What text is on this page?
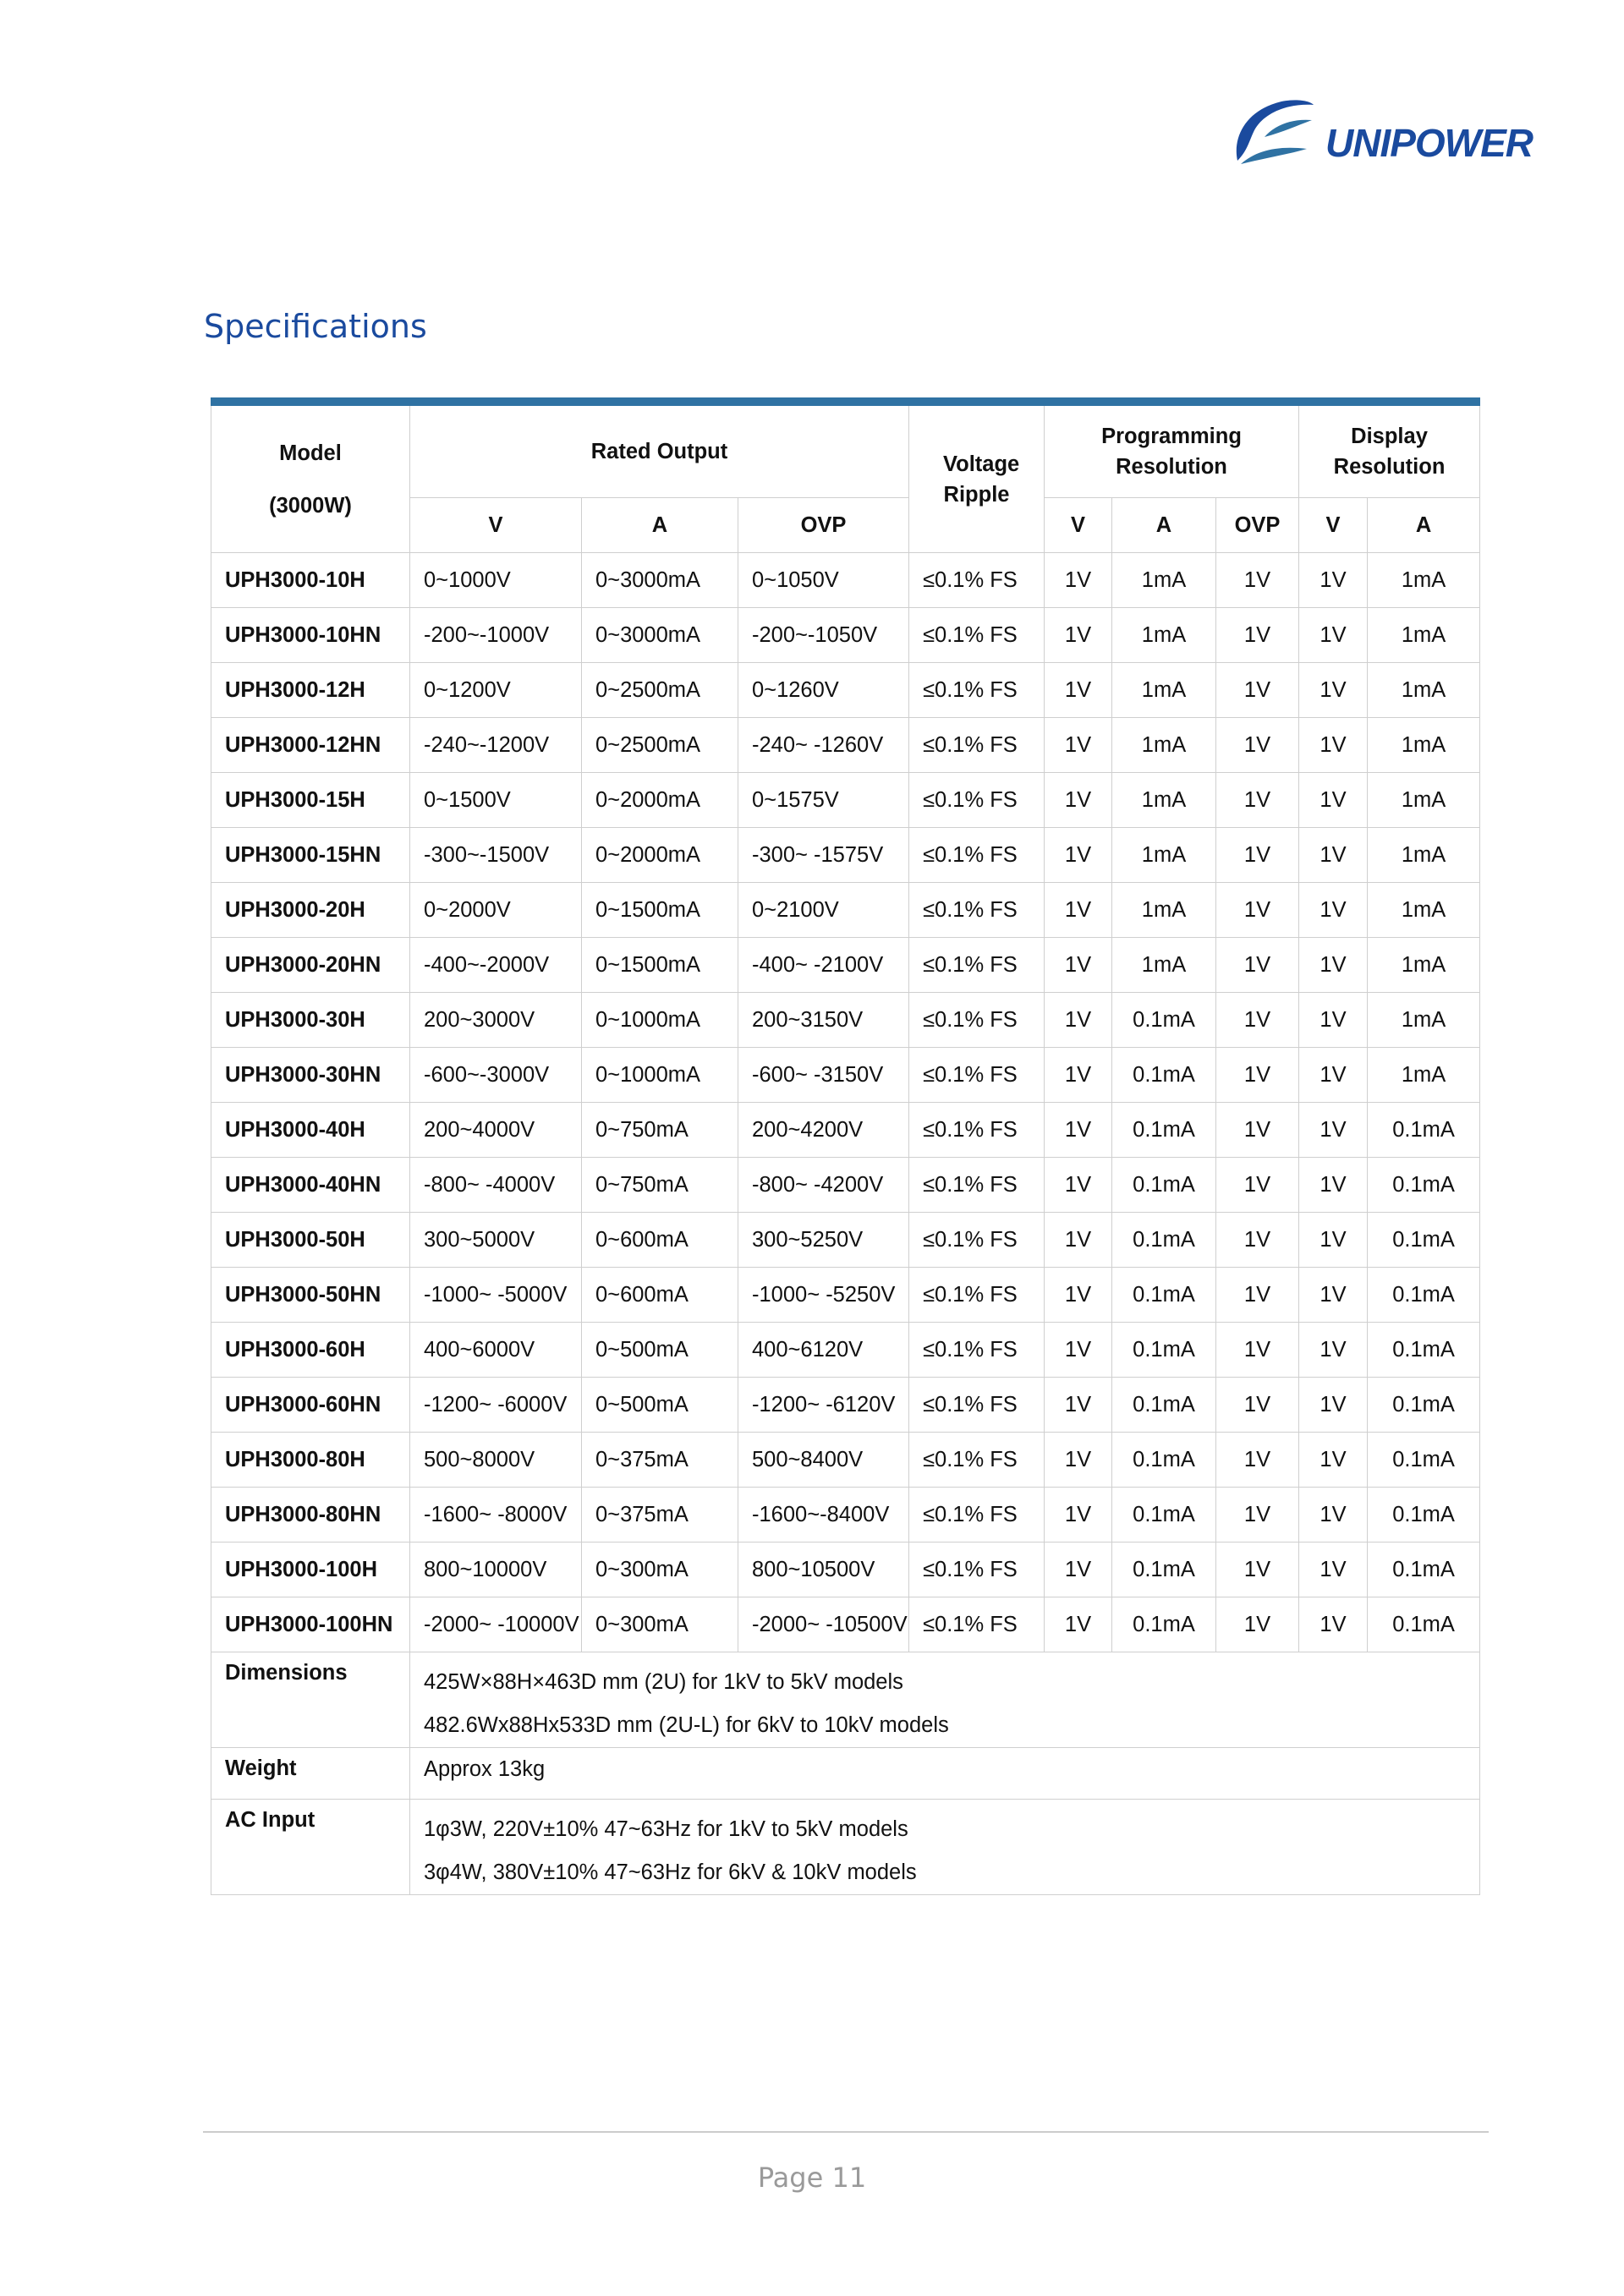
UNIPOWER
Specifications
Model
(3000W)	Rated Output			Voltage Ripple	Programming Resolution			Display Resolution	
	V	A	OVP		V	A	OVP	V	A
UPH3000-10H	0~1000V	0~3000mA	0~1050V	≤0.1% FS	1V	1mA	1V	1V	1mA
UPH3000-10HN	-200~-1000V	0~3000mA	-200~-1050V	≤0.1% FS	1V	1mA	1V	1V	1mA
UPH3000-12H	0~1200V	0~2500mA	0~1260V	≤0.1% FS	1V	1mA	1V	1V	1mA
UPH3000-12HN	-240~-1200V	0~2500mA	-240~ -1260V	≤0.1% FS	1V	1mA	1V	1V	1mA
UPH3000-15H	0~1500V	0~2000mA	0~1575V	≤0.1% FS	1V	1mA	1V	1V	1mA
UPH3000-15HN	-300~-1500V	0~2000mA	-300~ -1575V	≤0.1% FS	1V	1mA	1V	1V	1mA
UPH3000-20H	0~2000V	0~1500mA	0~2100V	≤0.1% FS	1V	1mA	1V	1V	1mA
UPH3000-20HN	-400~-2000V	0~1500mA	-400~ -2100V	≤0.1% FS	1V	1mA	1V	1V	1mA
UPH3000-30H	200~3000V	0~1000mA	200~3150V	≤0.1% FS	1V	0.1mA	1V	1V	1mA
UPH3000-30HN	-600~-3000V	0~1000mA	-600~ -3150V	≤0.1% FS	1V	0.1mA	1V	1V	1mA
UPH3000-40H	200~4000V	0~750mA	200~4200V	≤0.1% FS	1V	0.1mA	1V	1V	0.1mA
UPH3000-40HN	-800~ -4000V	0~750mA	-800~ -4200V	≤0.1% FS	1V	0.1mA	1V	1V	0.1mA
UPH3000-50H	300~5000V	0~600mA	300~5250V	≤0.1% FS	1V	0.1mA	1V	1V	0.1mA
UPH3000-50HN	-1000~ -5000V	0~600mA	-1000~ -5250V	≤0.1% FS	1V	0.1mA	1V	1V	0.1mA
UPH3000-60H	400~6000V	0~500mA	400~6120V	≤0.1% FS	1V	0.1mA	1V	1V	0.1mA
UPH3000-60HN	-1200~ -6000V	0~500mA	-1200~ -6120V	≤0.1% FS	1V	0.1mA	1V	1V	0.1mA
UPH3000-80H	500~8000V	0~375mA	500~8400V	≤0.1% FS	1V	0.1mA	1V	1V	0.1mA
UPH3000-80HN	-1600~ -8000V	0~375mA	-1600~-8400V	≤0.1% FS	1V	0.1mA	1V	1V	0.1mA
UPH3000-100H	800~10000V	0~300mA	800~10500V	≤0.1% FS	1V	0.1mA	1V	1V	0.1mA
UPH3000-100HN	-2000~ -10000V	0~300mA	-2000~ -10500V	≤0.1% FS	1V	0.1mA	1V	1V	0.1mA
Dimensions	425W×88H×463D mm (2U) for 1kV to 5kV models
482.6Wx88Hx533D mm (2U-L) for 6kV to 10kV models								

Weight	Approx 13kg								
AC Input	1φ3W, 220V±10% 47~63Hz for 1kV to 5kV models
3φ4W, 380V±10% 47~63Hz for 6kV & 10kV models								
Page 11
